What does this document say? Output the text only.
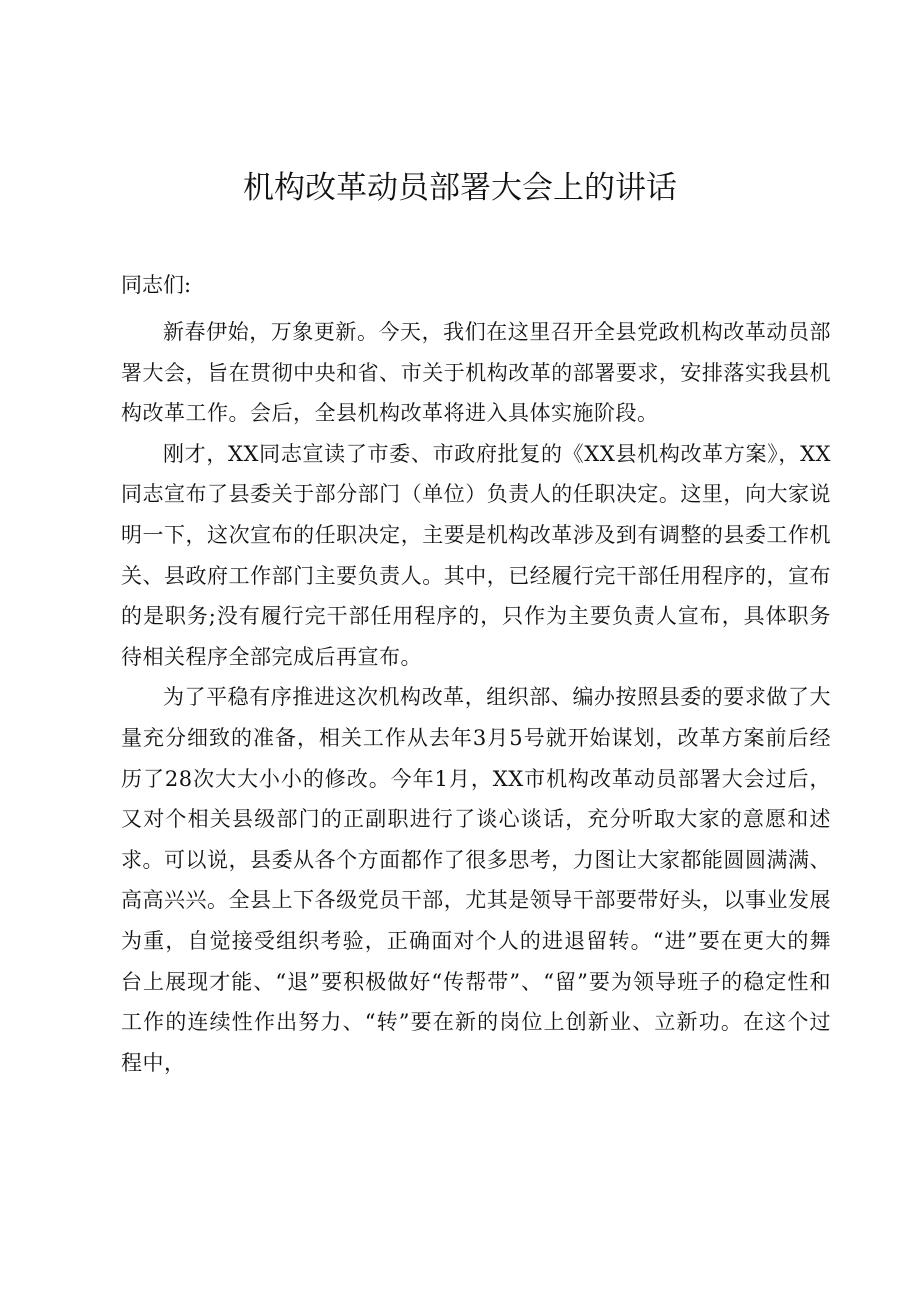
机构改革动员部署大会上的讲话

同志们:

新春伊始，万象更新。今天，我们在这里召开全县党政机构改革动员部署大会，旨在贯彻中央和省、市关于机构改革的部署要求，安排落实我县机构改革工作。会后，全县机构改革将进入具体实施阶段。

刚才，XX同志宣读了市委、市政府批复的《XX县机构改革方案》，XX同志宣布了县委关于部分部门（单位）负责人的任职决定。这里，向大家说明一下，这次宣布的任职决定，主要是机构改革涉及到有调整的县委工作机关、县政府工作部门主要负责人。其中，已经履行完干部任用程序的，宣布的是职务;没有履行完干部任用程序的，只作为主要负责人宣布，具体职务待相关程序全部完成后再宣布。

为了平稳有序推进这次机构改革，组织部、编办按照县委的要求做了大量充分细致的准备，相关工作从去年3月5号就开始谋划，改革方案前后经历了28次大大小小的修改。今年1月，XX市机构改革动员部署大会过后，又对个相关县级部门的正副职进行了谈心谈话，充分听取大家的意愿和述求。可以说，县委从各个方面都作了很多思考，力图让大家都能圆圆满满、高高兴兴。全县上下各级党员干部，尤其是领导干部要带好头，以事业发展为重，自觉接受组织考验，正确面对个人的进退留转。“进”要在更大的舞台上展现才能、“退”要积极做好“传帮带”、“留”要为领导班子的稳定性和工作的连续性作出努力、“转”要在新的岗位上创新业、立新功。在这个过程中，
